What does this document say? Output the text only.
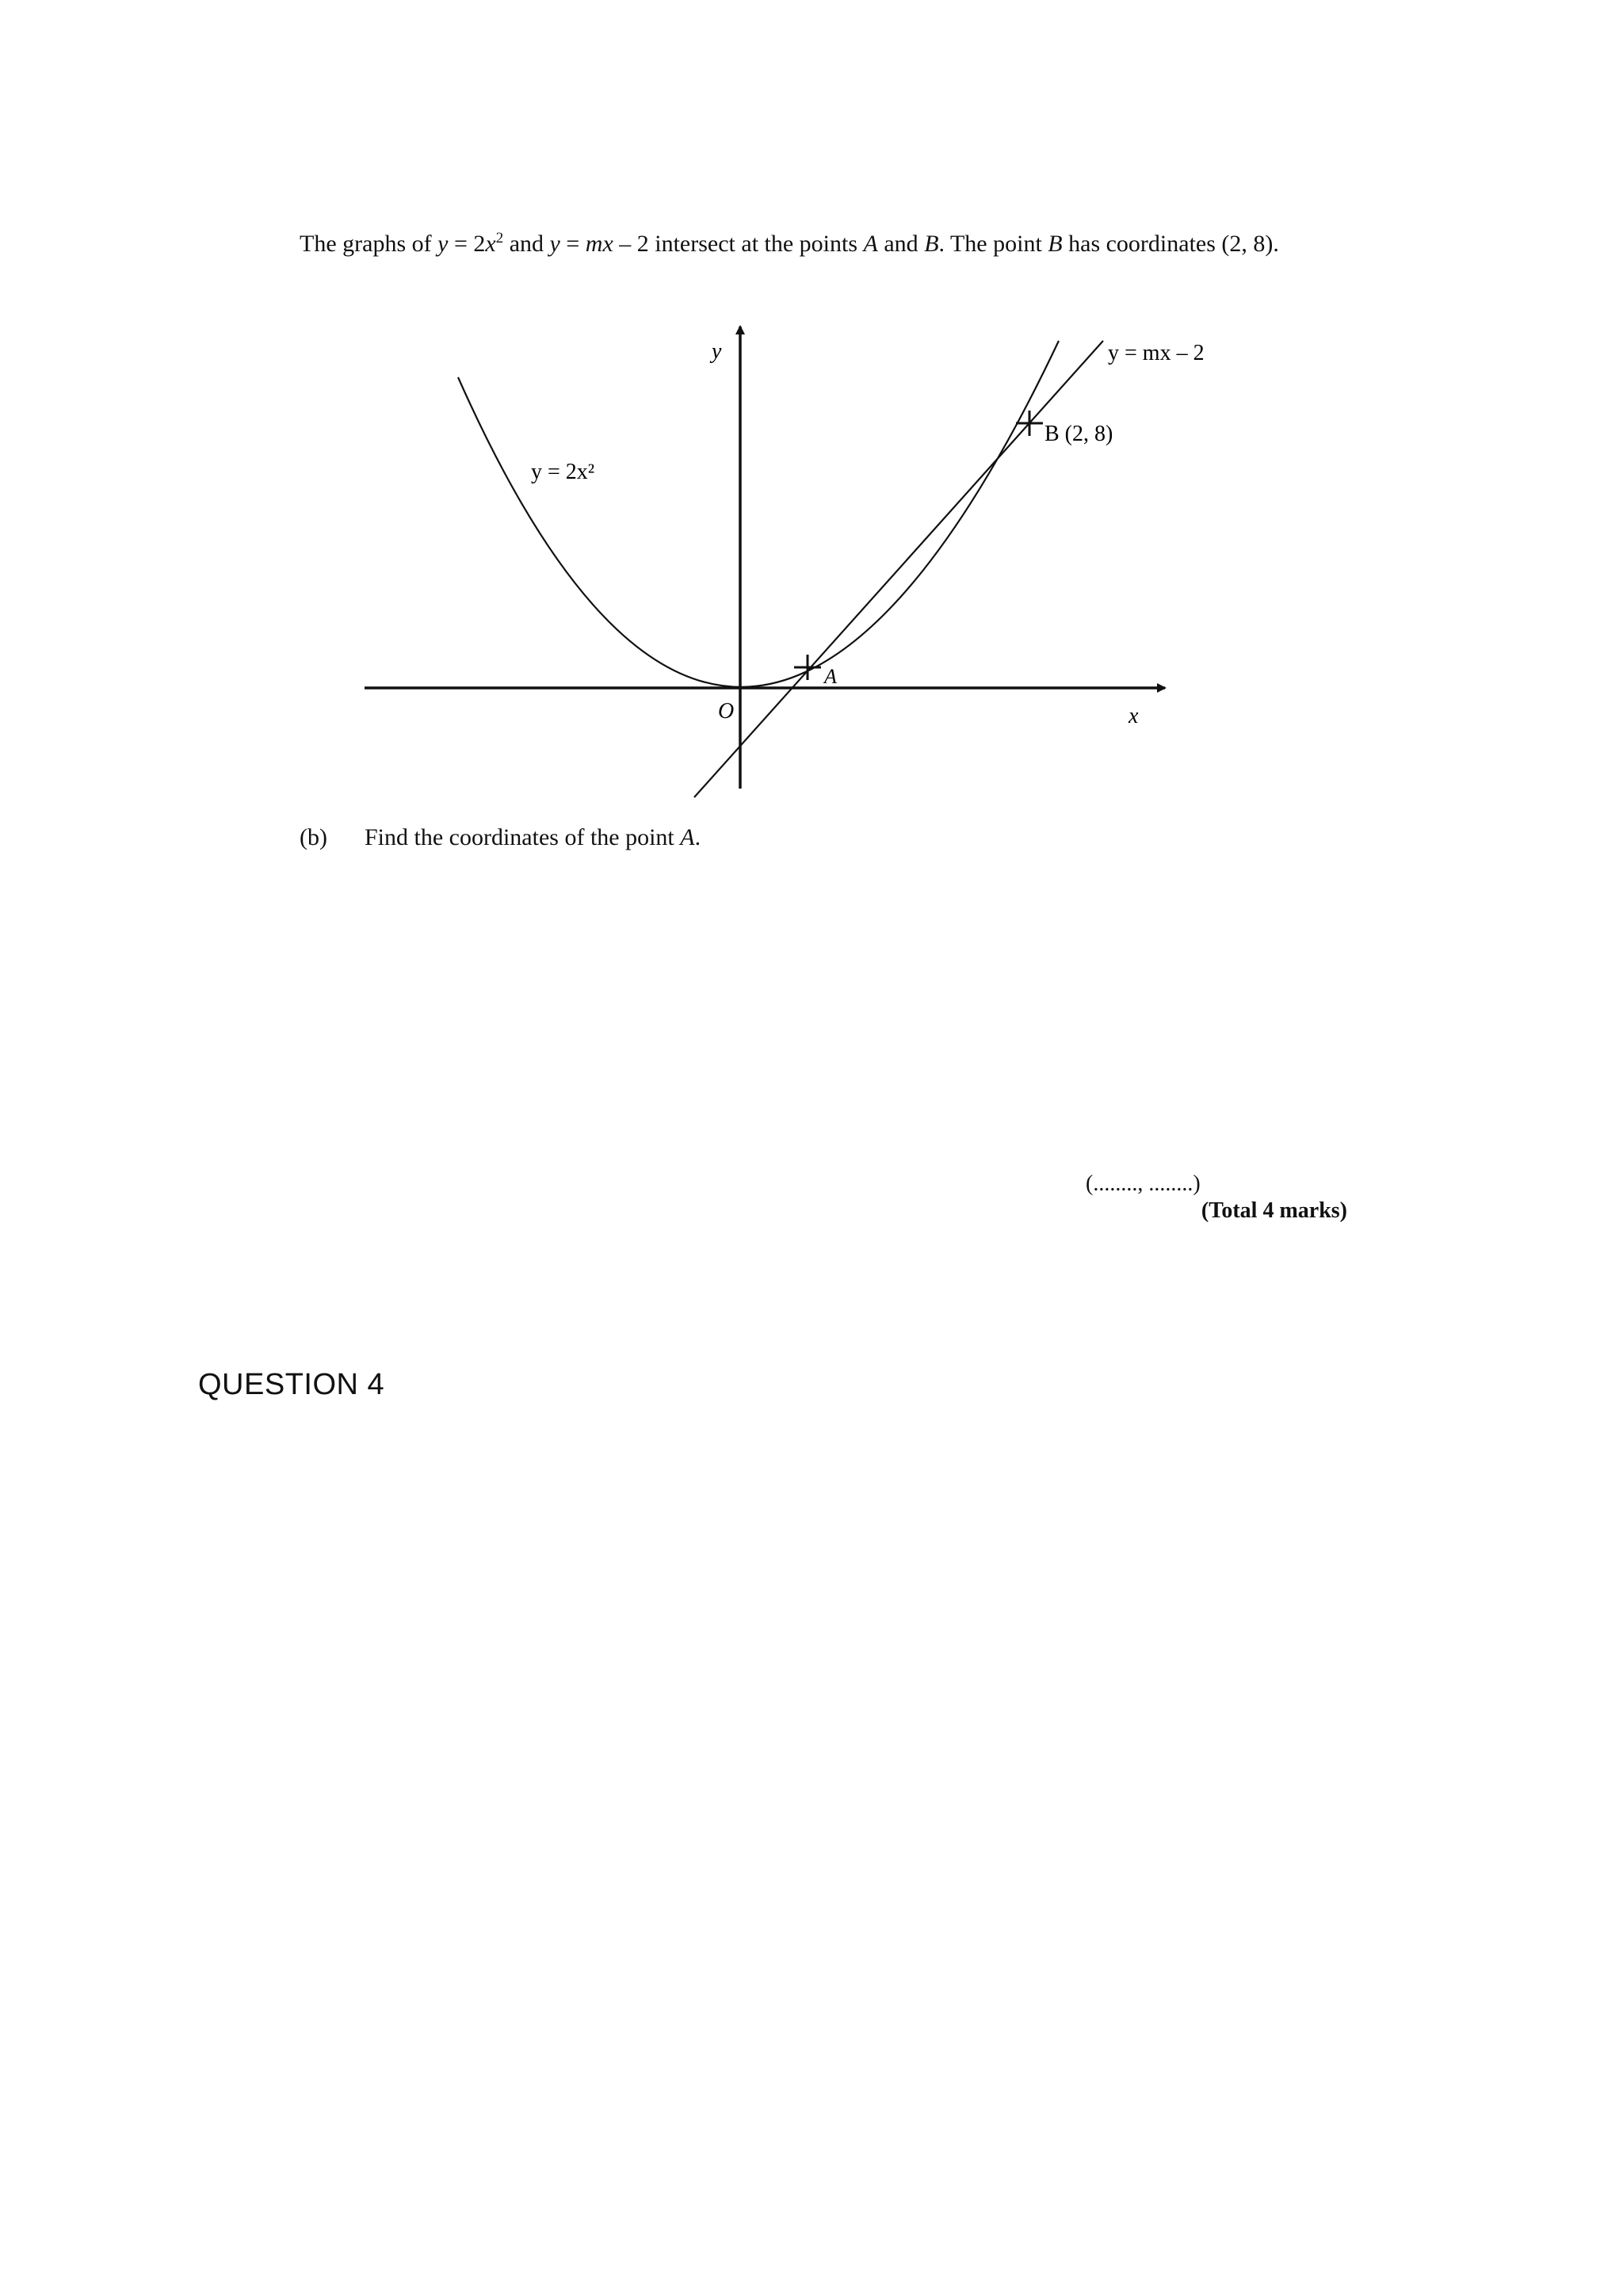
The graphs of $y = 2x^2$ and y = mx – 2 intersect at the points A and B. The point B has coordinates (2, 8).
y
x
O
y = 2x²
y = mx – 2
A
B (2, 8)
(b) Find the coordinates of the point A.
(........, ........)
(Total 4 marks)
QUESTION 4
